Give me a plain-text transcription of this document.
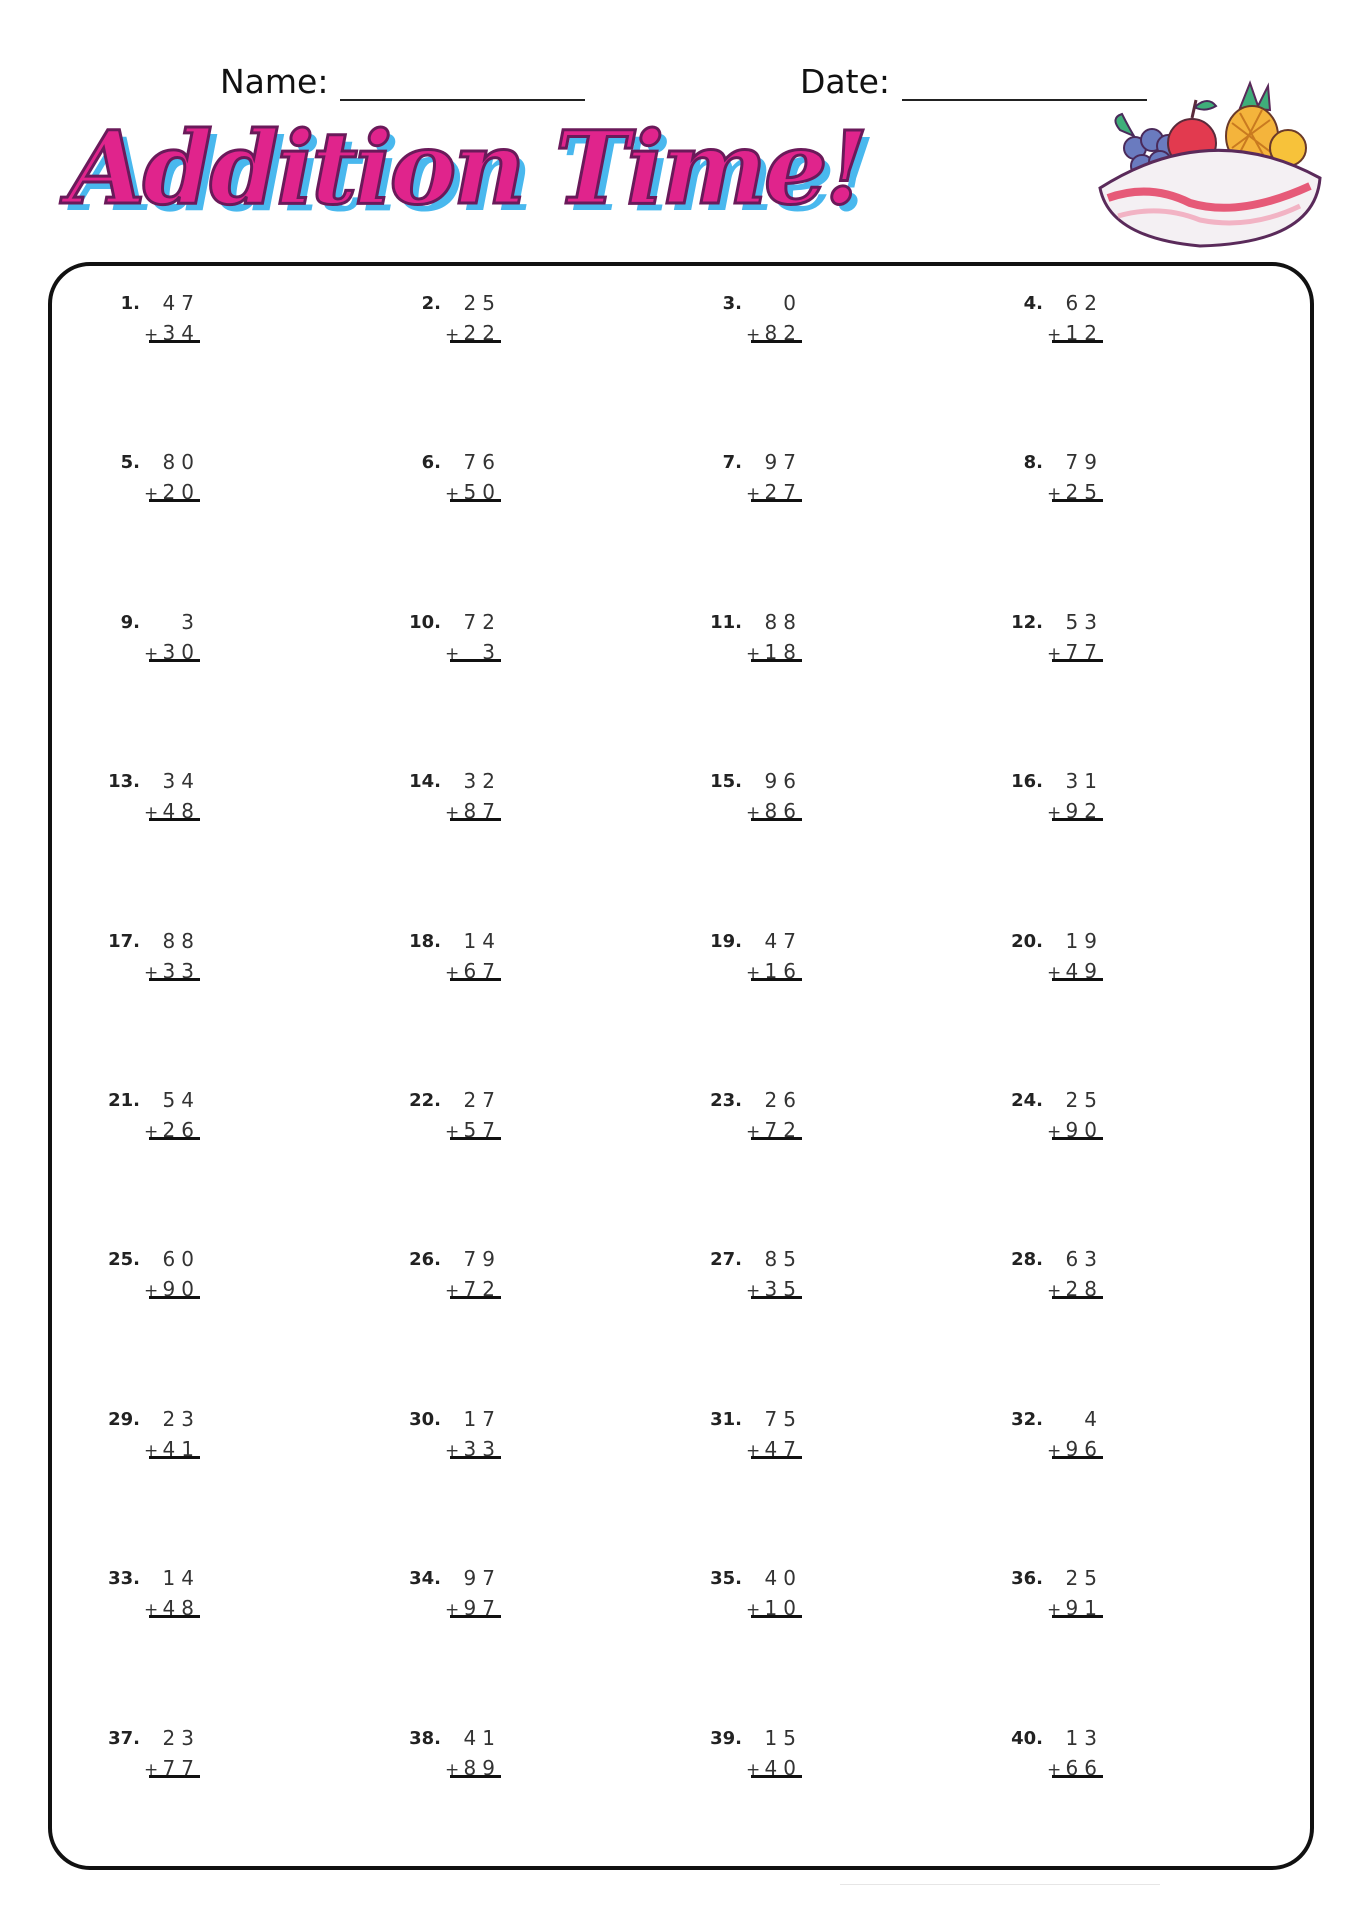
Name:	Date:
Addition Time!
1. 47
+ 34
2. 25
+ 22
3. 0
+ 82
4. 62
+ 12
5. 80
+ 20
6. 76
+ 50
7. 97
+ 27
8. 79
+ 25
9. 3
+ 30
10. 72
+ 3
11. 88
+ 18
12. 53
+ 77
13. 34
+ 48
14. 32
+ 87
15. 96
+ 86
16. 31
+ 92
17. 88
+ 33
18. 14
+ 67
19. 47
+ 16
20. 19
+ 49
21. 54
+ 26
22. 27
+ 57
23. 26
+ 72
24. 25
+ 90
25. 60
+ 90
26. 79
+ 72
27. 85
+ 35
28. 63
+ 28
29. 23
+ 41
30. 17
+ 33
31. 75
+ 47
32. 4
+ 96
33. 14
+ 48
34. 97
+ 97
35. 40
+ 10
36. 25
+ 91
37. 23
+ 77
38. 41
+ 89
39. 15
+ 40
40. 13
+ 66
